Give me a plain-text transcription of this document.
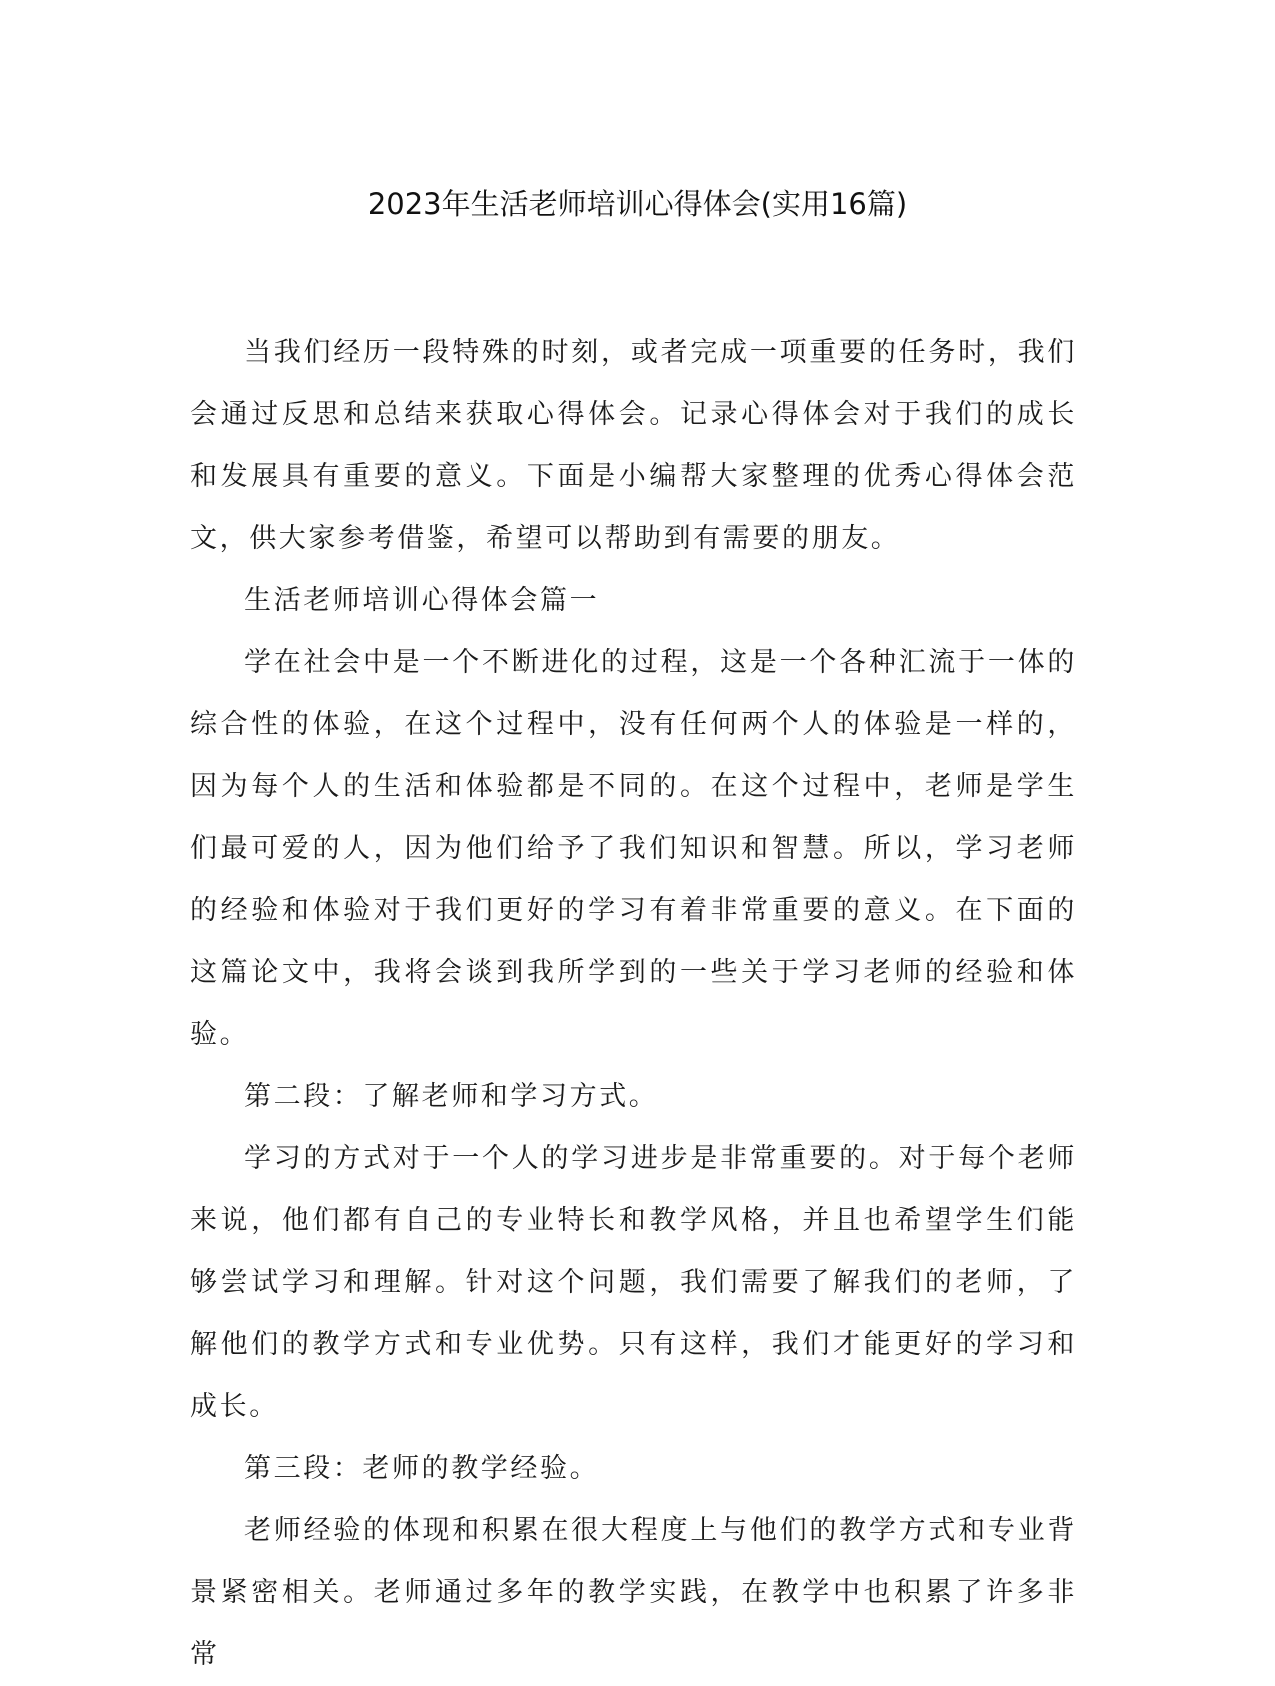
2023年生活老师培训心得体会(实用16篇)

当我们经历一段特殊的时刻，或者完成一项重要的任务时，我们会通过反思和总结来获取心得体会。记录心得体会对于我们的成长和发展具有重要的意义。下面是小编帮大家整理的优秀心得体会范文，供大家参考借鉴，希望可以帮助到有需要的朋友。

生活老师培训心得体会篇一

学在社会中是一个不断进化的过程，这是一个各种汇流于一体的综合性的体验，在这个过程中，没有任何两个人的体验是一样的，因为每个人的生活和体验都是不同的。在这个过程中，老师是学生们最可爱的人，因为他们给予了我们知识和智慧。所以，学习老师的经验和体验对于我们更好的学习有着非常重要的意义。在下面的这篇论文中，我将会谈到我所学到的一些关于学习老师的经验和体验。

第二段：了解老师和学习方式。

学习的方式对于一个人的学习进步是非常重要的。对于每个老师来说，他们都有自己的专业特长和教学风格，并且也希望学生们能够尝试学习和理解。针对这个问题，我们需要了解我们的老师，了解他们的教学方式和专业优势。只有这样，我们才能更好的学习和成长。

第三段：老师的教学经验。

老师经验的体现和积累在很大程度上与他们的教学方式和专业背景紧密相关。老师通过多年的教学实践，在教学中也积累了许多非常
